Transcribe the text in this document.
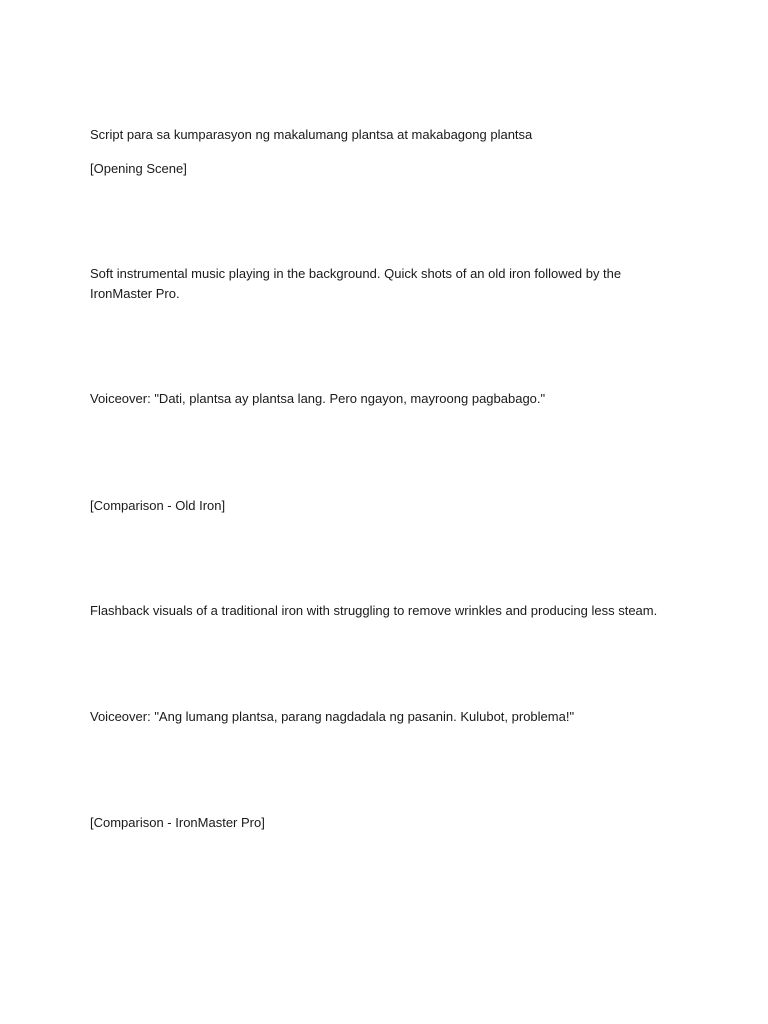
Script para sa kumparasyon ng makalumang plantsa at makabagong plantsa

[Opening Scene]

Soft instrumental music playing in the background. Quick shots of an old iron followed by the IronMaster Pro.

Voiceover: "Dati, plantsa ay plantsa lang. Pero ngayon, mayroong pagbabago."

[Comparison - Old Iron]

Flashback visuals of a traditional iron with struggling to remove wrinkles and producing less steam.

Voiceover: "Ang lumang plantsa, parang nagdadala ng pasanin. Kulubot, problema!"

[Comparison - IronMaster Pro]
